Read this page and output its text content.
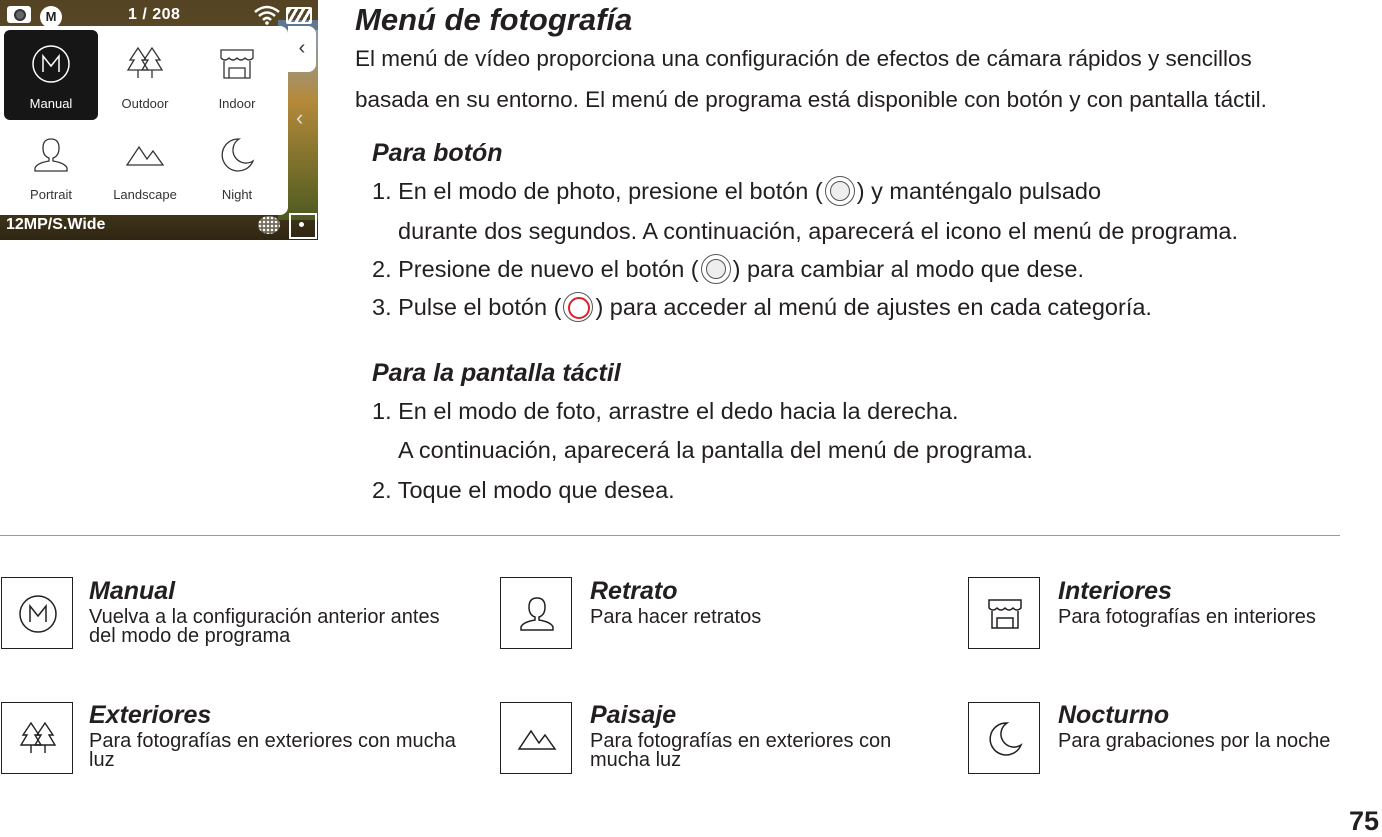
M	1 / 208
Manual	Outdoor	Indoor
Portrait	Landscape	Night
‹
‹
12MP/S.Wide
Menú de fotografía
El menú de vídeo proporciona una configuración de efectos de cámara rápidos y sencillos
basada en su entorno. El menú de programa está disponible con botón y con pantalla táctil.
Para botón
1. En el modo de photo, presione el botón ( ) y manténgalo pulsado
durante dos segundos. A continuación, aparecerá el icono el menú de programa.
2. Presione de nuevo el botón ( ) para cambiar al modo que dese.
3. Pulse el botón ( ) para acceder al menú de ajustes en cada categoría.
Para la pantalla táctil
1. En el modo de foto, arrastre el dedo hacia la derecha.
A continuación, aparecerá la pantalla del menú de programa.
2. Toque el modo que desea.
Manual
Vuelva a la configuración anterior antes
del modo de programa
Retrato
Para hacer retratos
Interiores
Para fotografías en interiores
Exteriores
Para fotografías en exteriores con mucha
luz
Paisaje
Para fotografías en exteriores con
mucha luz
Nocturno
Para grabaciones por la noche
75
